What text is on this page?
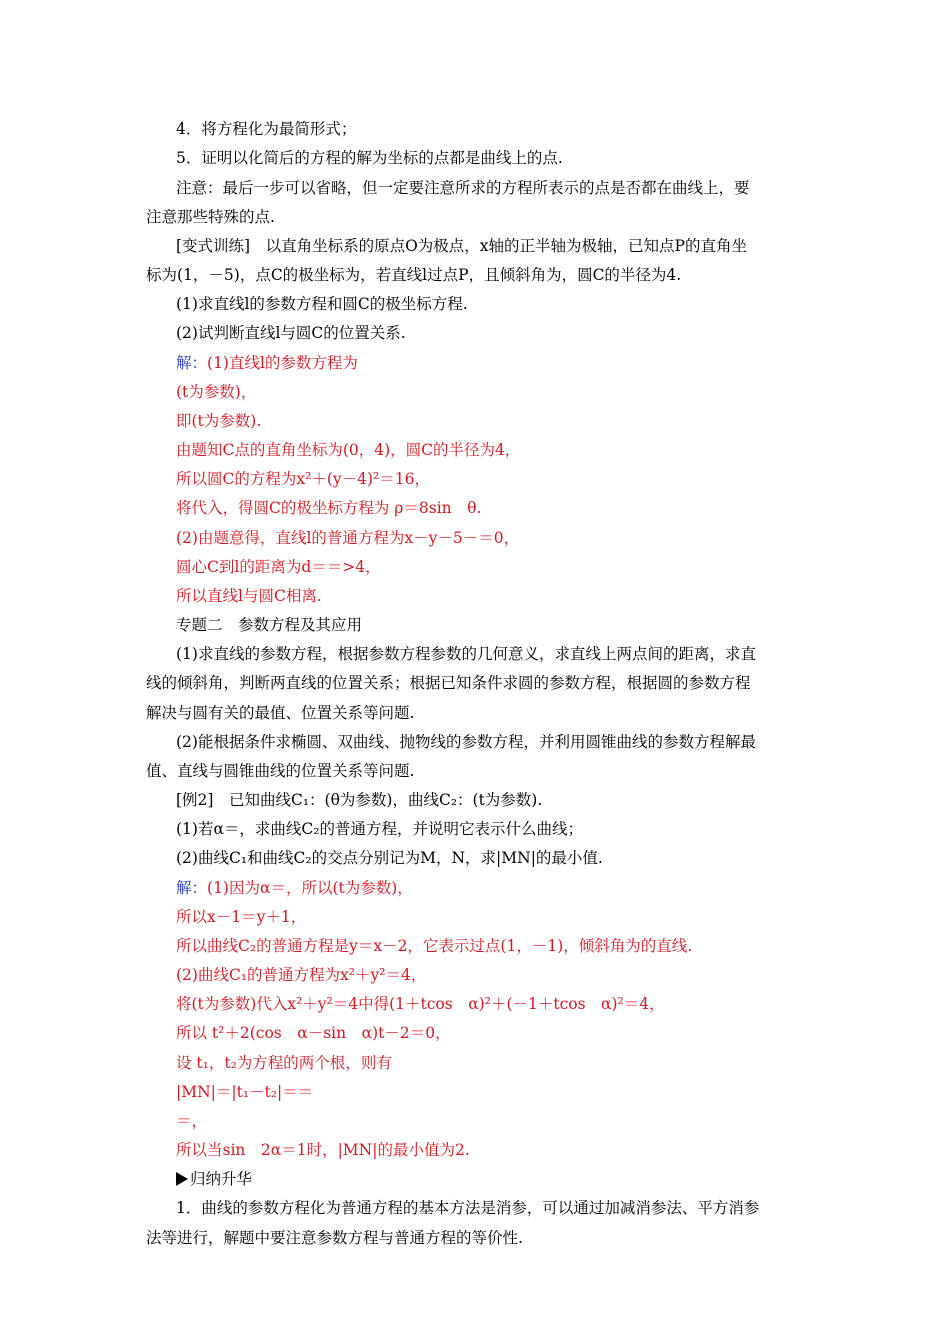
4．将方程化为最简形式；
5．证明以化简后的方程的解为坐标的点都是曲线上的点.
注意：最后一步可以省略，但一定要注意所求的方程所表示的点是否都在曲线上，要
注意那些特殊的点.
[变式训练]　以直角坐标系的原点O为极点，x轴的正半轴为极轴，已知点P的直角坐
标为(1，－5)，点C的极坐标为，若直线l过点P，且倾斜角为，圆C的半径为4.
(1)求直线l的参数方程和圆C的极坐标方程.
(2)试判断直线l与圆C的位置关系.
解：(1)直线l的参数方程为
(t为参数)，
即(t为参数).
由题知C点的直角坐标为(0，4)，圆C的半径为4，
所以圆C的方程为x²＋(y－4)²＝16，
将代入，得圆C的极坐标方程为 ρ＝8sin　θ.
(2)由题意得，直线l的普通方程为x－y－5－＝0，
圆心C到l的距离为d＝＝>4，
所以直线l与圆C相离.
专题二　参数方程及其应用
(1)求直线的参数方程，根据参数方程参数的几何意义，求直线上两点间的距离，求直
线的倾斜角，判断两直线的位置关系；根据已知条件求圆的参数方程，根据圆的参数方程
解决与圆有关的最值、位置关系等问题.
(2)能根据条件求椭圆、双曲线、抛物线的参数方程，并利用圆锥曲线的参数方程解最
值、直线与圆锥曲线的位置关系等问题.
[例2]　已知曲线C₁：(θ为参数)，曲线C₂：(t为参数).
(1)若α＝，求曲线C₂的普通方程，并说明它表示什么曲线；
(2)曲线C₁和曲线C₂的交点分别记为M，N，求|MN|的最小值.
解：(1)因为α＝，所以(t为参数)，
所以x－1＝y＋1，
所以曲线C₂的普通方程是y＝x－2，它表示过点(1，－1)，倾斜角为的直线.
(2)曲线C₁的普通方程为x²＋y²＝4，
将(t为参数)代入x²＋y²＝4中得(1＋tcos　α)²＋(－1＋tcos　α)²＝4，
所以 t²＋2(cos　α－sin　α)t－2＝0，
设 t₁，t₂为方程的两个根，则有
|MN|＝|t₁－t₂|＝＝
＝，
所以当sin　2α＝1时，|MN|的最小值为2.
归纳升华
1．曲线的参数方程化为普通方程的基本方法是消参，可以通过加减消参法、平方消参
法等进行，解题中要注意参数方程与普通方程的等价性.
